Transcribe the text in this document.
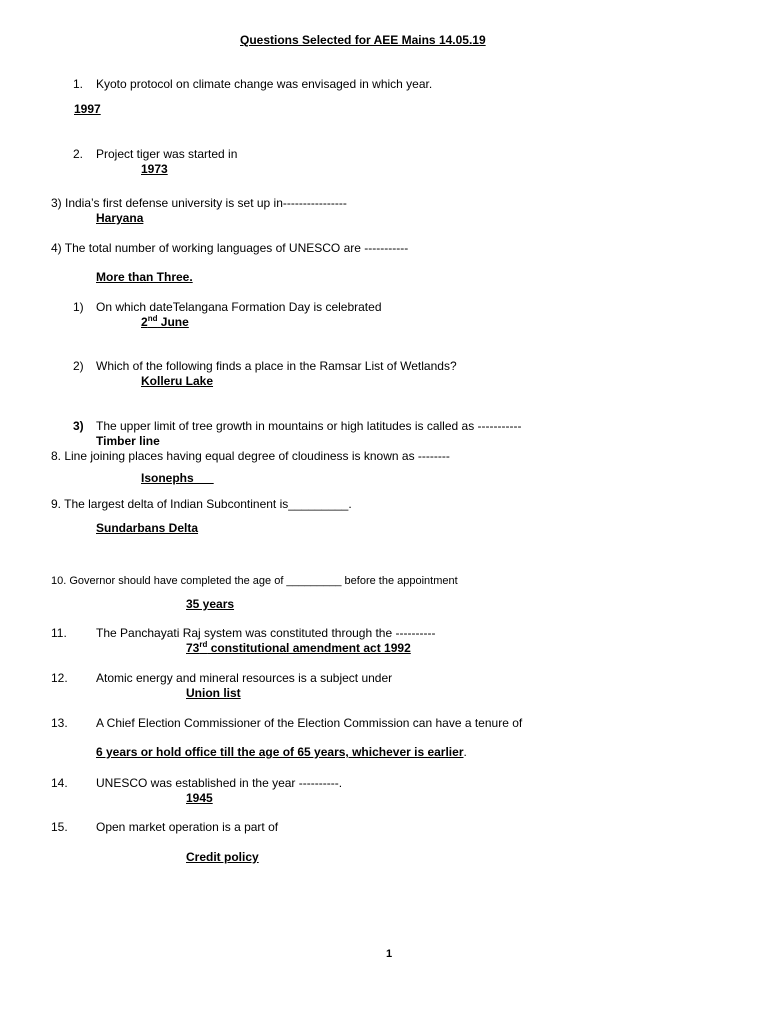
Questions Selected for AEE Mains 14.05.19
1. Kyoto protocol on climate change was envisaged in which year.
1997
2. Project tiger was started in
1973
3) India’s first defense university is set up in----------------
Haryana
4) The total number of working languages of UNESCO are -----------
More than Three.
1) On which dateTelangana Formation Day is celebrated
2nd June
2) Which of the following finds a place in the Ramsar List of Wetlands?
Kolleru Lake
3) The upper limit of tree growth in mountains or high latitudes is called as -----------
Timber line
8. Line joining places having equal degree of cloudiness is known as --------
Isonephs
9. The largest delta of Indian Subcontinent is_________.
Sundarbans Delta
10. Governor should have completed the age of _________ before the appointment
35 years
11. The Panchayati Raj system was constituted through the ----------
73rd constitutional amendment act 1992
12. Atomic energy and mineral resources is a subject under
Union list
13. A Chief Election Commissioner of the Election Commission can have a tenure of
6 years or hold office till the age of 65 years, whichever is earlier.
14. UNESCO was established in the year ----------.
1945
15. Open market operation is a part of
Credit policy
1
